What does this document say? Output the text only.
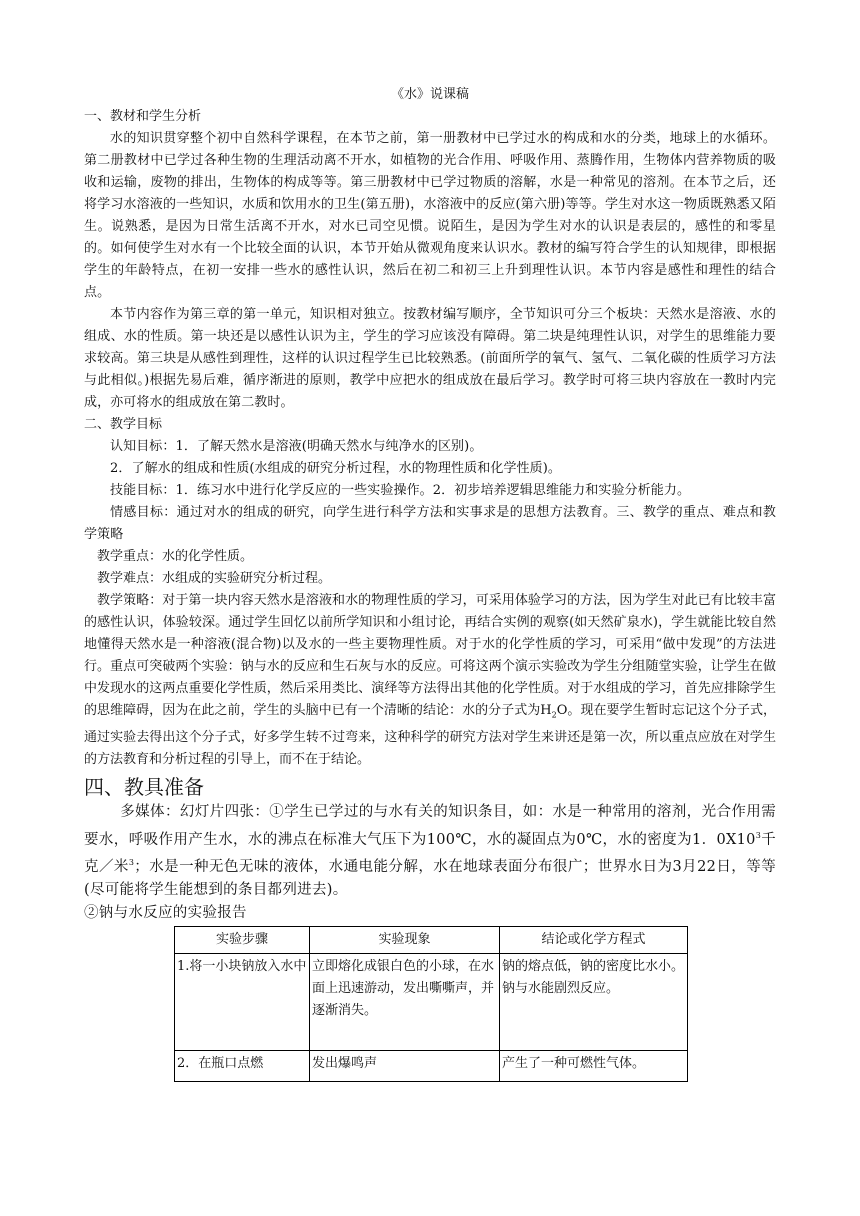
《水》说课稿

一、教材和学生分析

水的知识贯穿整个初中自然科学课程，在本节之前，第一册教材中已学过水的构成和水的分类，地球上的水循环。第二册教材中已学过各种生物的生理活动离不开水，如植物的光合作用、呼吸作用、蒸腾作用，生物体内营养物质的吸收和运输，废物的排出，生物体的构成等等。第三册教材中已学过物质的溶解，水是一种常见的溶剂。在本节之后，还将学习水溶液的一些知识，水质和饮用水的卫生(第五册)，水溶液中的反应(第六册)等等。学生对水这一物质既熟悉又陌生。说熟悉，是因为日常生活离不开水，对水已司空见惯。说陌生，是因为学生对水的认识是表层的，感性的和零星的。如何使学生对水有一个比较全面的认识，本节开始从微观角度来认识水。教材的编写符合学生的认知规律，即根据学生的年龄特点，在初一安排一些水的感性认识，然后在初二和初三上升到理性认识。本节内容是感性和理性的结合点。

本节内容作为第三章的第一单元，知识相对独立。按教材编写顺序，全节知识可分三个板块：天然水是溶液、水的组成、水的性质。第一块还是以感性认识为主，学生的学习应该没有障碍。第二块是纯理性认识，对学生的思维能力要求较高。第三块是从感性到理性，这样的认识过程学生已比较熟悉。(前面所学的氧气、氢气、二氧化碳的性质学习方法与此相似。)根据先易后难，循序渐进的原则，教学中应把水的组成放在最后学习。教学时可将三块内容放在一教时内完成，亦可将水的组成放在第二教时。

二、教学目标

认知目标：1．了解天然水是溶液(明确天然水与纯净水的区别)。

2．了解水的组成和性质(水组成的研究分析过程，水的物理性质和化学性质)。

技能目标：1．练习水中进行化学反应的一些实验操作。2．初步培养逻辑思维能力和实验分析能力。

情感目标：通过对水的组成的研究，向学生进行科学方法和实事求是的思想方法教育。三、教学的重点、难点和教学策略

教学重点：水的化学性质。

教学难点：水组成的实验研究分析过程。

教学策略：对于第一块内容天然水是溶液和水的物理性质的学习，可采用体验学习的方法，因为学生对此已有比较丰富的感性认识，体验较深。通过学生回忆以前所学知识和小组讨论，再结合实例的观察(如天然矿泉水)，学生就能比较自然地懂得天然水是一种溶液(混合物)以及水的一些主要物理性质。对于水的化学性质的学习，可采用“做中发现”的方法进行。重点可突破两个实验：钠与水的反应和生石灰与水的反应。可将这两个演示实验改为学生分组随堂实验，让学生在做中发现水的这两点重要化学性质，然后采用类比、演绎等方法得出其他的化学性质。对于水组成的学习，首先应排除学生的思维障碍，因为在此之前，学生的头脑中已有一个清晰的结论：水的分子式为$H_2O$。现在要学生暂时忘记这个分子式，通过实验去得出这个分子式，好多学生转不过弯来，这种科学的研究方法对学生来讲还是第一次，所以重点应放在对学生的方法教育和分析过程的引导上，而不在于结论。

四、教具准备

多媒体：幻灯片四张：①学生已学过的与水有关的知识条目，如：水是一种常用的溶剂，光合作用需要水，呼吸作用产生水，水的沸点在标准大气压下为100℃，水的凝固点为0℃，水的密度为1．$0X10^3$千克／米$^3$；水是一种无色无味的液体，水通电能分解，水在地球表面分布很广；世界水日为3月22日，等等(尽可能将学生能想到的条目都列进去)。

②钠与水反应的实验报告

实验步骤	实验现象	结论或化学方程式
1.将一小块钠放入水中	立即熔化成银白色的小球，在水面上迅速游动，发出嘶嘶声，并逐渐消失。	钠的熔点低，钠的密度比水小。钠与水能剧烈反应。
2．在瓶口点燃	发出爆鸣声	产生了一种可燃性气体。
